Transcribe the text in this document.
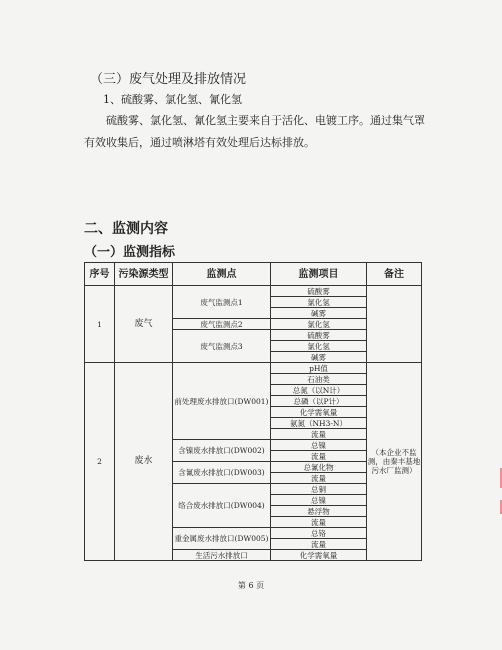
（三）废气处理及排放情况
1、硫酸雾、氯化氢、氰化氢
硫酸雾、氯化氢、氰化氢主要来自于活化、电镀工序。通过集气罩有效收集后，通过喷淋塔有效处理后达标排放。
二、监测内容
（一）监测指标
序号	污染源类型	监测点	监测项目	备注
1	废气	废气监测点1	硫酸雾	
			氯化氢	
			碱雾	
		废气监测点2	氯化氢	
		废气监测点3	硫酸雾	
			氯化氢	
			碱雾	
2	废水	前处理废水排放口(DW001)	pH值	（本企业不监测，由秦丰基地污水厂监测）
			石油类	
			总氮（以N计）	
			总磷（以P计）	
			化学需氧量	
			氨氮（NH3-N）	
			流量	
		含镍废水排放口(DW002)	总镍	
			流量	
		含氰废水排放口(DW003)	总氰化物	
			流量	
		络合废水排放口(DW004)	总铜	
			总镍	
			悬浮物	
			流量	
		重金属废水排放口(DW005)	总铬	
			流量	
		生活污水排放口	化学需氧量	
第 6 页
